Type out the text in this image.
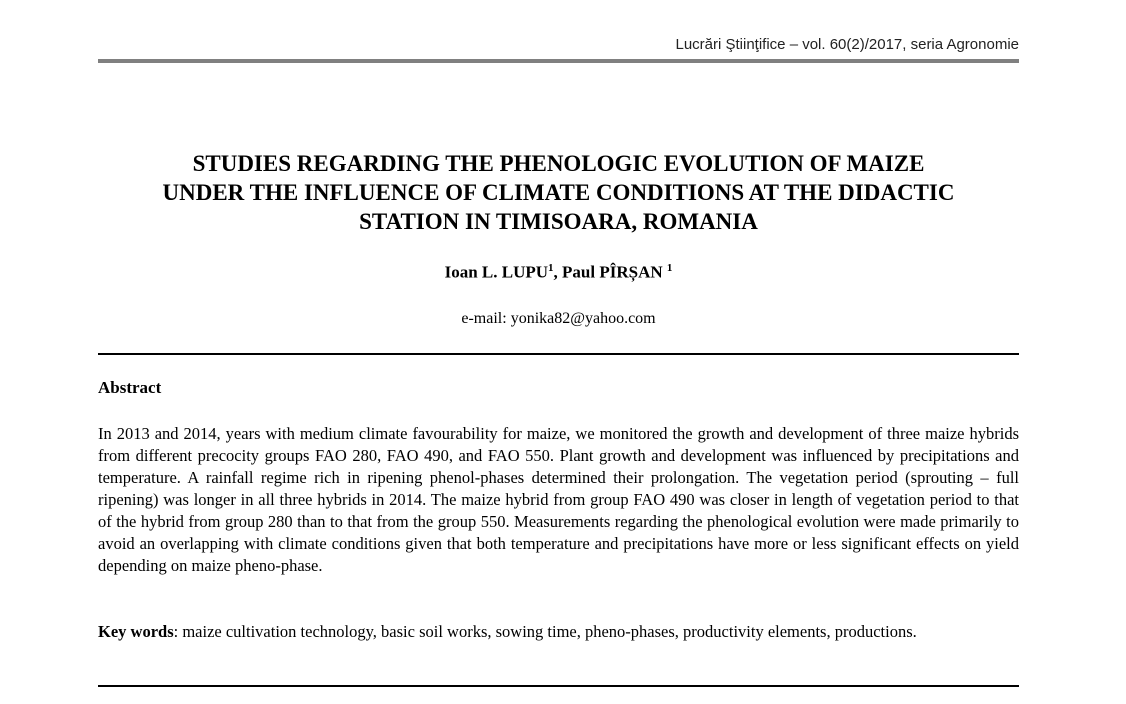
Lucrări Ştiinţifice – vol. 60(2)/2017, seria Agronomie
STUDIES REGARDING THE PHENOLOGIC EVOLUTION OF MAIZE
UNDER THE INFLUENCE OF CLIMATE CONDITIONS AT THE DIDACTIC
STATION IN TIMISOARA, ROMANIA
Ioan L. LUPU$^1$, Paul PÎRȘAN $^1$
e-mail: yonika82@yahoo.com
Abstract

In 2013 and 2014, years with medium climate favourability for maize, we monitored the growth and development of three maize hybrids from different precocity groups FAO 280, FAO 490, and FAO 550. Plant growth and development was influenced by precipitations and temperature. A rainfall regime rich in ripening phenol-phases determined their prolongation. The vegetation period (sprouting – full ripening) was longer in all three hybrids in 2014. The maize hybrid from group FAO 490 was closer in length of vegetation period to that of the hybrid from group 280 than to that from the group 550. Measurements regarding the phenological evolution were made primarily to avoid an overlapping with climate conditions given that both temperature and precipitations have more or less significant effects on yield depending on maize pheno-phase.

Key words: maize cultivation technology, basic soil works, sowing time, pheno-phases, productivity elements, productions.
